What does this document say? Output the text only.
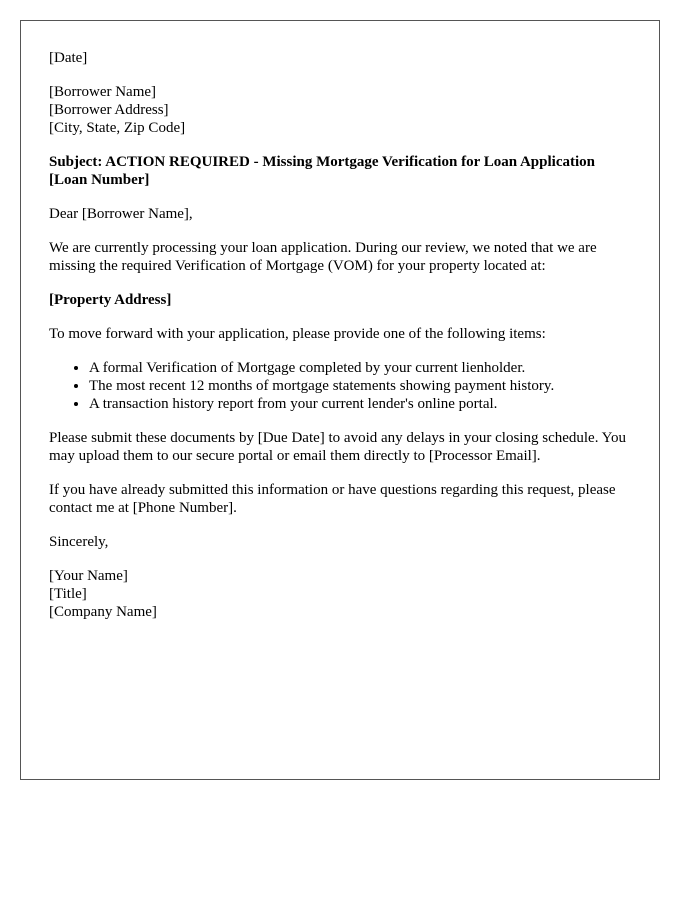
[Date]
[Borrower Name]
[Borrower Address]
[City, State, Zip Code]
Subject: ACTION REQUIRED - Missing Mortgage Verification for Loan Application [Loan Number]
Dear [Borrower Name],
We are currently processing your loan application. During our review, we noted that we are missing the required Verification of Mortgage (VOM) for your property located at:
[Property Address]
To move forward with your application, please provide one of the following items:
• A formal Verification of Mortgage completed by your current lienholder.
• The most recent 12 months of mortgage statements showing payment history.
• A transaction history report from your current lender's online portal.
Please submit these documents by [Due Date] to avoid any delays in your closing schedule. You may upload them to our secure portal or email them directly to [Processor Email].
If you have already submitted this information or have questions regarding this request, please contact me at [Phone Number].
Sincerely,
[Your Name]
[Title]
[Company Name]
